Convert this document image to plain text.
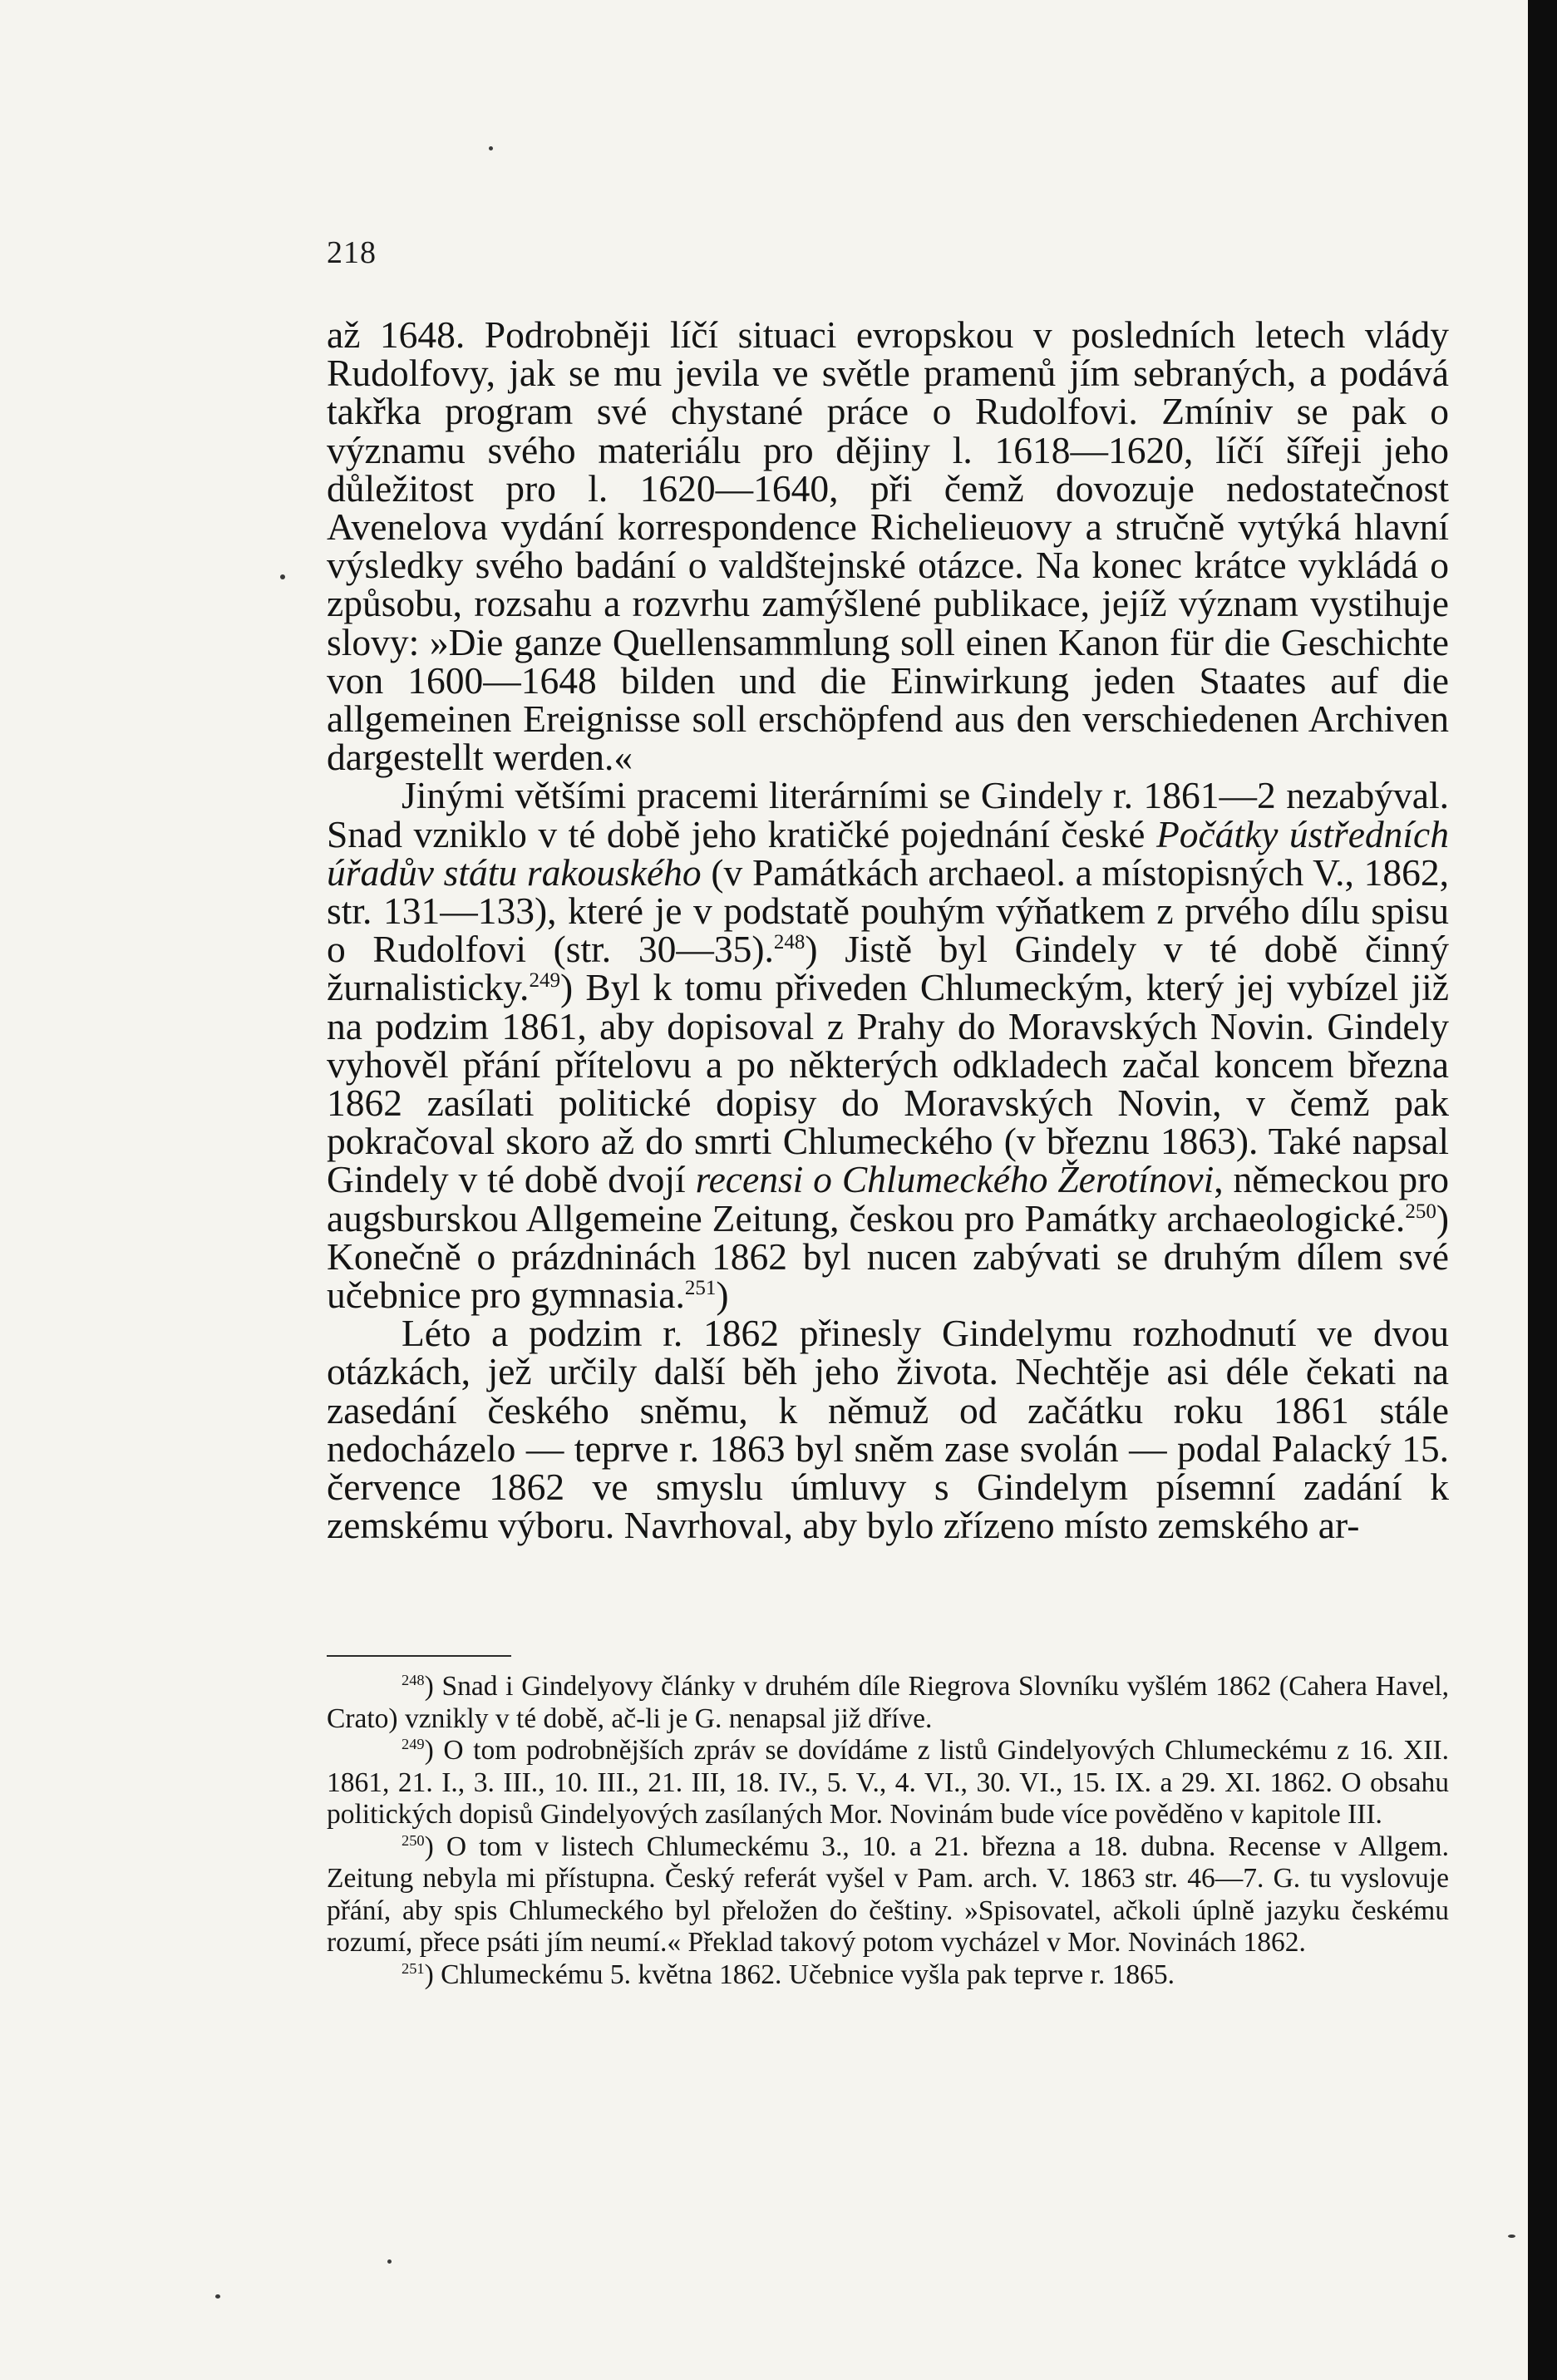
218

až 1648. Podrobněji líčí situaci evropskou v posledních letech vlády Rudolfovy, jak se mu jevila ve světle pramenů jím sebraných, a podává takřka program své chystané práce o Rudolfovi. Zmíniv se pak o významu svého materiálu pro dějiny l. 1618—1620, líčí šířeji jeho důležitost pro l. 1620—1640, při čemž dovozuje nedostatečnost Avenelova vydání korrespondence Richelieuovy a stručně vytýká hlavní výsledky svého badání o valdštejnské otázce. Na konec krátce vykládá o způsobu, rozsahu a rozvrhu zamýšlené publikace, jejíž význam vystihuje slovy: »Die ganze Quellensammlung soll einen Kanon für die Geschichte von 1600—1648 bilden und die Einwirkung jeden Staates auf die allgemeinen Ereignisse soll erschöpfend aus den verschiedenen Archiven dargestellt werden.«

Jinými většími pracemi literárními se Gindely r. 1861—2 nezabýval. Snad vzniklo v té době jeho kratičké pojednání české Počátky ústředních úřadův státu rakouského (v Památkách archaeol. a místopisných V., 1862, str. 131—133), které je v podstatě pouhým výňatkem z prvého dílu spisu o Rudolfovi (str. 30—35).$^{248}$) Jistě byl Gindely v té době činný žurnalisticky.$^{249}$) Byl k tomu přiveden Chlumeckým, který jej vybízel již na podzim 1861, aby dopisoval z Prahy do Moravských Novin. Gindely vyhověl přání přítelovu a po některých odkladech začal koncem března 1862 zasílati politické dopisy do Moravských Novin, v čemž pak pokračoval skoro až do smrti Chlumeckého (v březnu 1863). Také napsal Gindely v té době dvojí recensi o Chlumeckého Žerotínovi, německou pro augsburskou Allgemeine Zeitung, českou pro Památky archaeologické.$^{250}$) Konečně o prázdninách 1862 byl nucen zabývati se druhým dílem své učebnice pro gymnasia.$^{251}$)

Léto a podzim r. 1862 přinesly Gindelymu rozhodnutí ve dvou otázkách, jež určily další běh jeho života. Nechtěje asi déle čekati na zasedání českého sněmu, k němuž od začátku roku 1861 stále nedocházelo — teprve r. 1863 byl sněm zase svolán — podal Palacký 15. července 1862 ve smyslu úmluvy s Gindelym písemní zadání k zemskému výboru. Navrhoval, aby bylo zřízeno místo zemského ar-

$^{248}$) Snad i Gindelyovy články v druhém díle Riegrova Slovníku vyšlém 1862 (Cahera Havel, Crato) vznikly v té době, ač-li je G. nenapsal již dříve.

$^{249}$) O tom podrobnějších zpráv se dovídáme z listů Gindelyových Chlumeckému z 16. XII. 1861, 21. I., 3. III., 10. III., 21. III, 18. IV., 5. V., 4. VI., 30. VI., 15. IX. a 29. XI. 1862. O obsahu politických dopisů Gindelyových zasílaných Mor. Novinám bude více pověděno v kapitole III.

$^{250}$) O tom v listech Chlumeckému 3., 10. a 21. března a 18. dubna. Recense v Allgem. Zeitung nebyla mi přístupna. Český referát vyšel v Pam. arch. V. 1863 str. 46—7. G. tu vyslovuje přání, aby spis Chlumeckého byl přeložen do češtiny. »Spisovatel, ačkoli úplně jazyku českému rozumí, přece psáti jím neumí.« Překlad takový potom vycházel v Mor. Novinách 1862.

$^{251}$) Chlumeckému 5. května 1862. Učebnice vyšla pak teprve r. 1865.
